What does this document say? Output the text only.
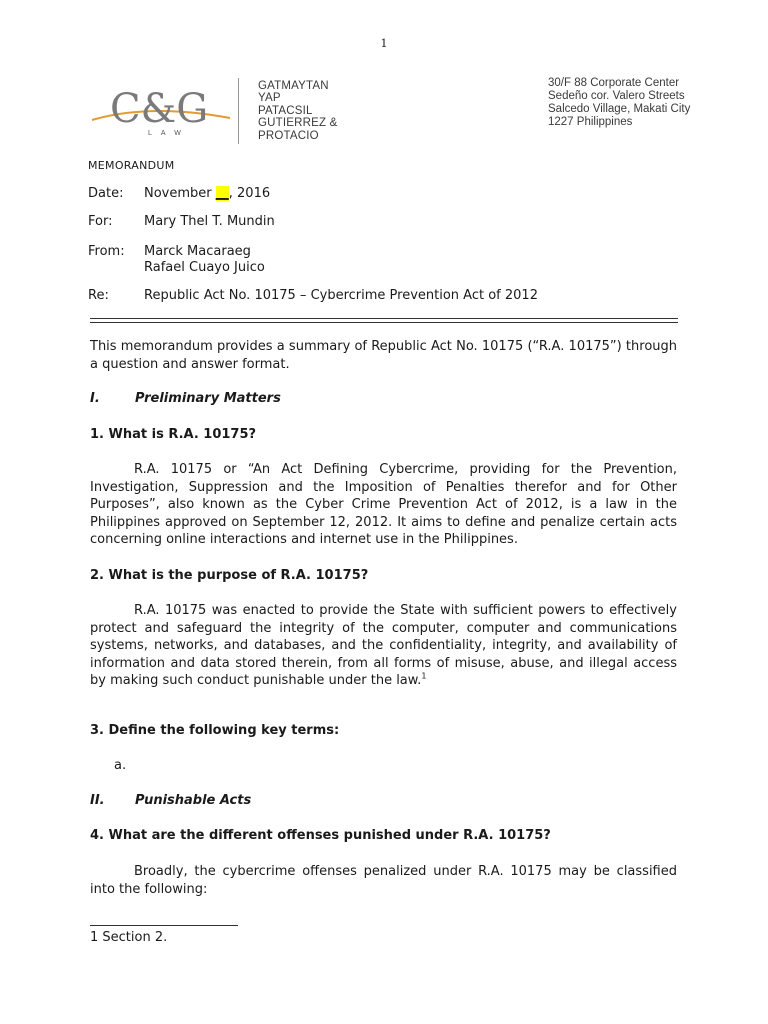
1
C&G
LAW
GATMAYTAN
YAP
PATACSIL
GUTIERREZ &
PROTACIO
30/F 88 Corporate Center
Sedeño cor. Valero Streets
Salcedo Village, Makati City
1227 Philippines
MEMORANDUM
Date: November __, 2016
For: Mary Thel T. Mundin
From: Marck Macaraeg
Rafael Cuayo Juico
Re:	Republic Act No. 10175 – Cybercrime Prevention Act of 2012
This memorandum provides a summary of Republic Act No. 10175 (“R.A. 10175”) through a question and answer format.
I.	Preliminary Matters
1. What is R.A. 10175?
R.A. 10175 or “An Act Defining Cybercrime, providing for the Prevention, Investigation, Suppression and the Imposition of Penalties therefor and for Other Purposes”, also known as the Cyber Crime Prevention Act of 2012, is a law in the Philippines approved on September 12, 2012. It aims to define and penalize certain acts concerning online interactions and internet use in the Philippines.
2. What is the purpose of R.A. 10175?
R.A. 10175 was enacted to provide the State with sufficient powers to effectively protect and safeguard the integrity of the computer, computer and communications systems, networks, and databases, and the confidentiality, integrity, and availability of information and data stored therein, from all forms of misuse, abuse, and illegal access by making such conduct punishable under the law.$^1$
3. Define the following key terms:
a.
II. Punishable Acts
4. What are the different offenses punished under R.A. 10175?
Broadly, the cybercrime offenses penalized under R.A. 10175 may be classified into the following:
1 Section 2.
